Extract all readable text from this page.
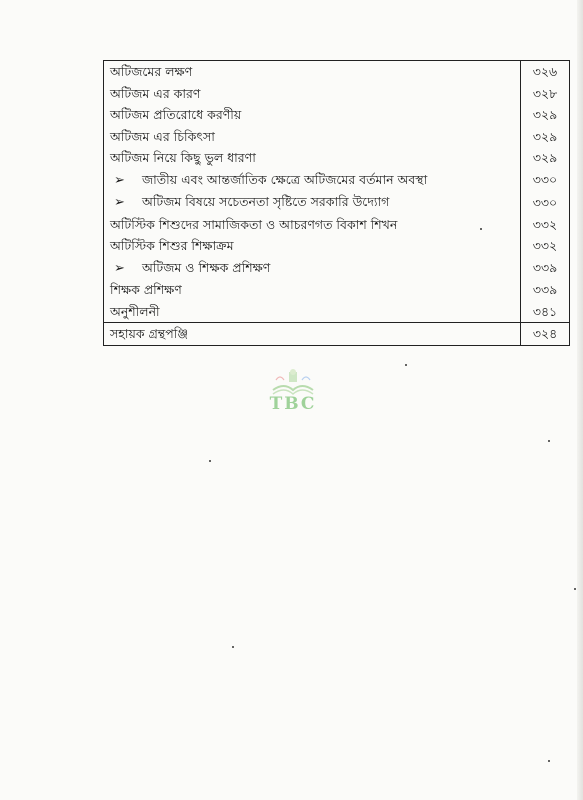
অটিজমের লক্ষণ	৩২৬
অটিজম এর কারণ	৩২৮
অটিজম প্রতিরোধে করণীয়	৩২৯
অটিজম এর চিকিৎসা	৩২৯
অটিজম নিয়ে কিছু ভুল ধারণা	৩২৯
➢ জাতীয় এবং আন্তর্জাতিক ক্ষেত্রে অটিজমের বর্তমান অবস্থা	৩৩০
➢ অটিজম বিষয়ে সচেতনতা সৃষ্টিতে সরকারি উদ্যোগ	৩৩০
অটিস্টিক শিশুদের সামাজিকতা ও আচরণগত বিকাশ শিখন	৩৩২
অটিস্টিক শিশুর শিক্ষাক্রম	৩৩২
➢ অটিজম ও শিক্ষক প্রশিক্ষণ	৩৩৯
শিক্ষক প্রশিক্ষণ	৩৩৯
অনুশীলনী	৩৪১
সহায়ক গ্রন্থপঞ্জি	৩২৪
TBC
